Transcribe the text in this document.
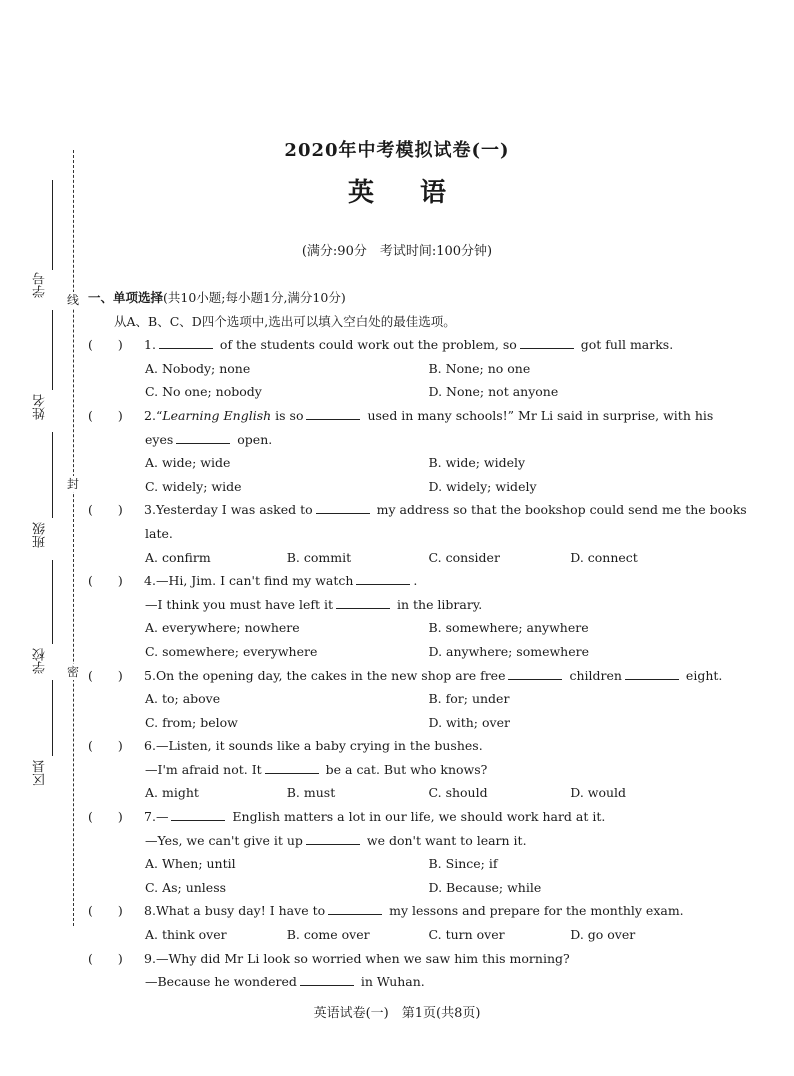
2020年中考模拟试卷(一)
英语
(满分:90分　考试时间:100分钟)
线
封
密
学号
姓名
班级
学校
区县
一、单项选择(共10小题;每小题1分,满分10分)
从A、B、C、D四个选项中,选出可以填入空白处的最佳选项。
(　　)	1.	of the students could work out the problem, so	got full marks.
A. Nobody; none	B. None; no one
C. No one; nobody	D. None; not anyone
(　　)	2.“Learning English is so	used in many schools!” Mr Li said in surprise, with his
eyes	open.
A. wide; wide	B. wide; widely
C. widely; wide	D. widely; widely
(　　)	3.Yesterday I was asked to	my address so that the bookshop could send me the books
late.
A. confirm	B. commit	C. consider	D. connect
(　　)	4.—Hi, Jim. I can't find my watch	.
—I think you must have left it	in the library.
A. everywhere; nowhere	B. somewhere; anywhere
C. somewhere; everywhere	D. anywhere; somewhere
(　　)	5.On the opening day, the cakes in the new shop are free	children	eight.
A. to; above	B. for; under
C. from; below	D. with; over
(　　)	6.—Listen, it sounds like a baby crying in the bushes.
—I'm afraid not. It	be a cat. But who knows?
A. might	B. must	C. should	D. would
(　　)	7.—	English matters a lot in our life, we should work hard at it.
—Yes, we can't give it up	we don't want to learn it.
A. When; until	B. Since; if
C. As; unless	D. Because; while
(　　)	8.What a busy day! I have to	my lessons and prepare for the monthly exam.
A. think over	B. come over	C. turn over	D. go over
(　　)	9.—Why did Mr Li look so worried when we saw him this morning?
—Because he wondered	in Wuhan.
英语试卷(一)　第1页(共8页)
